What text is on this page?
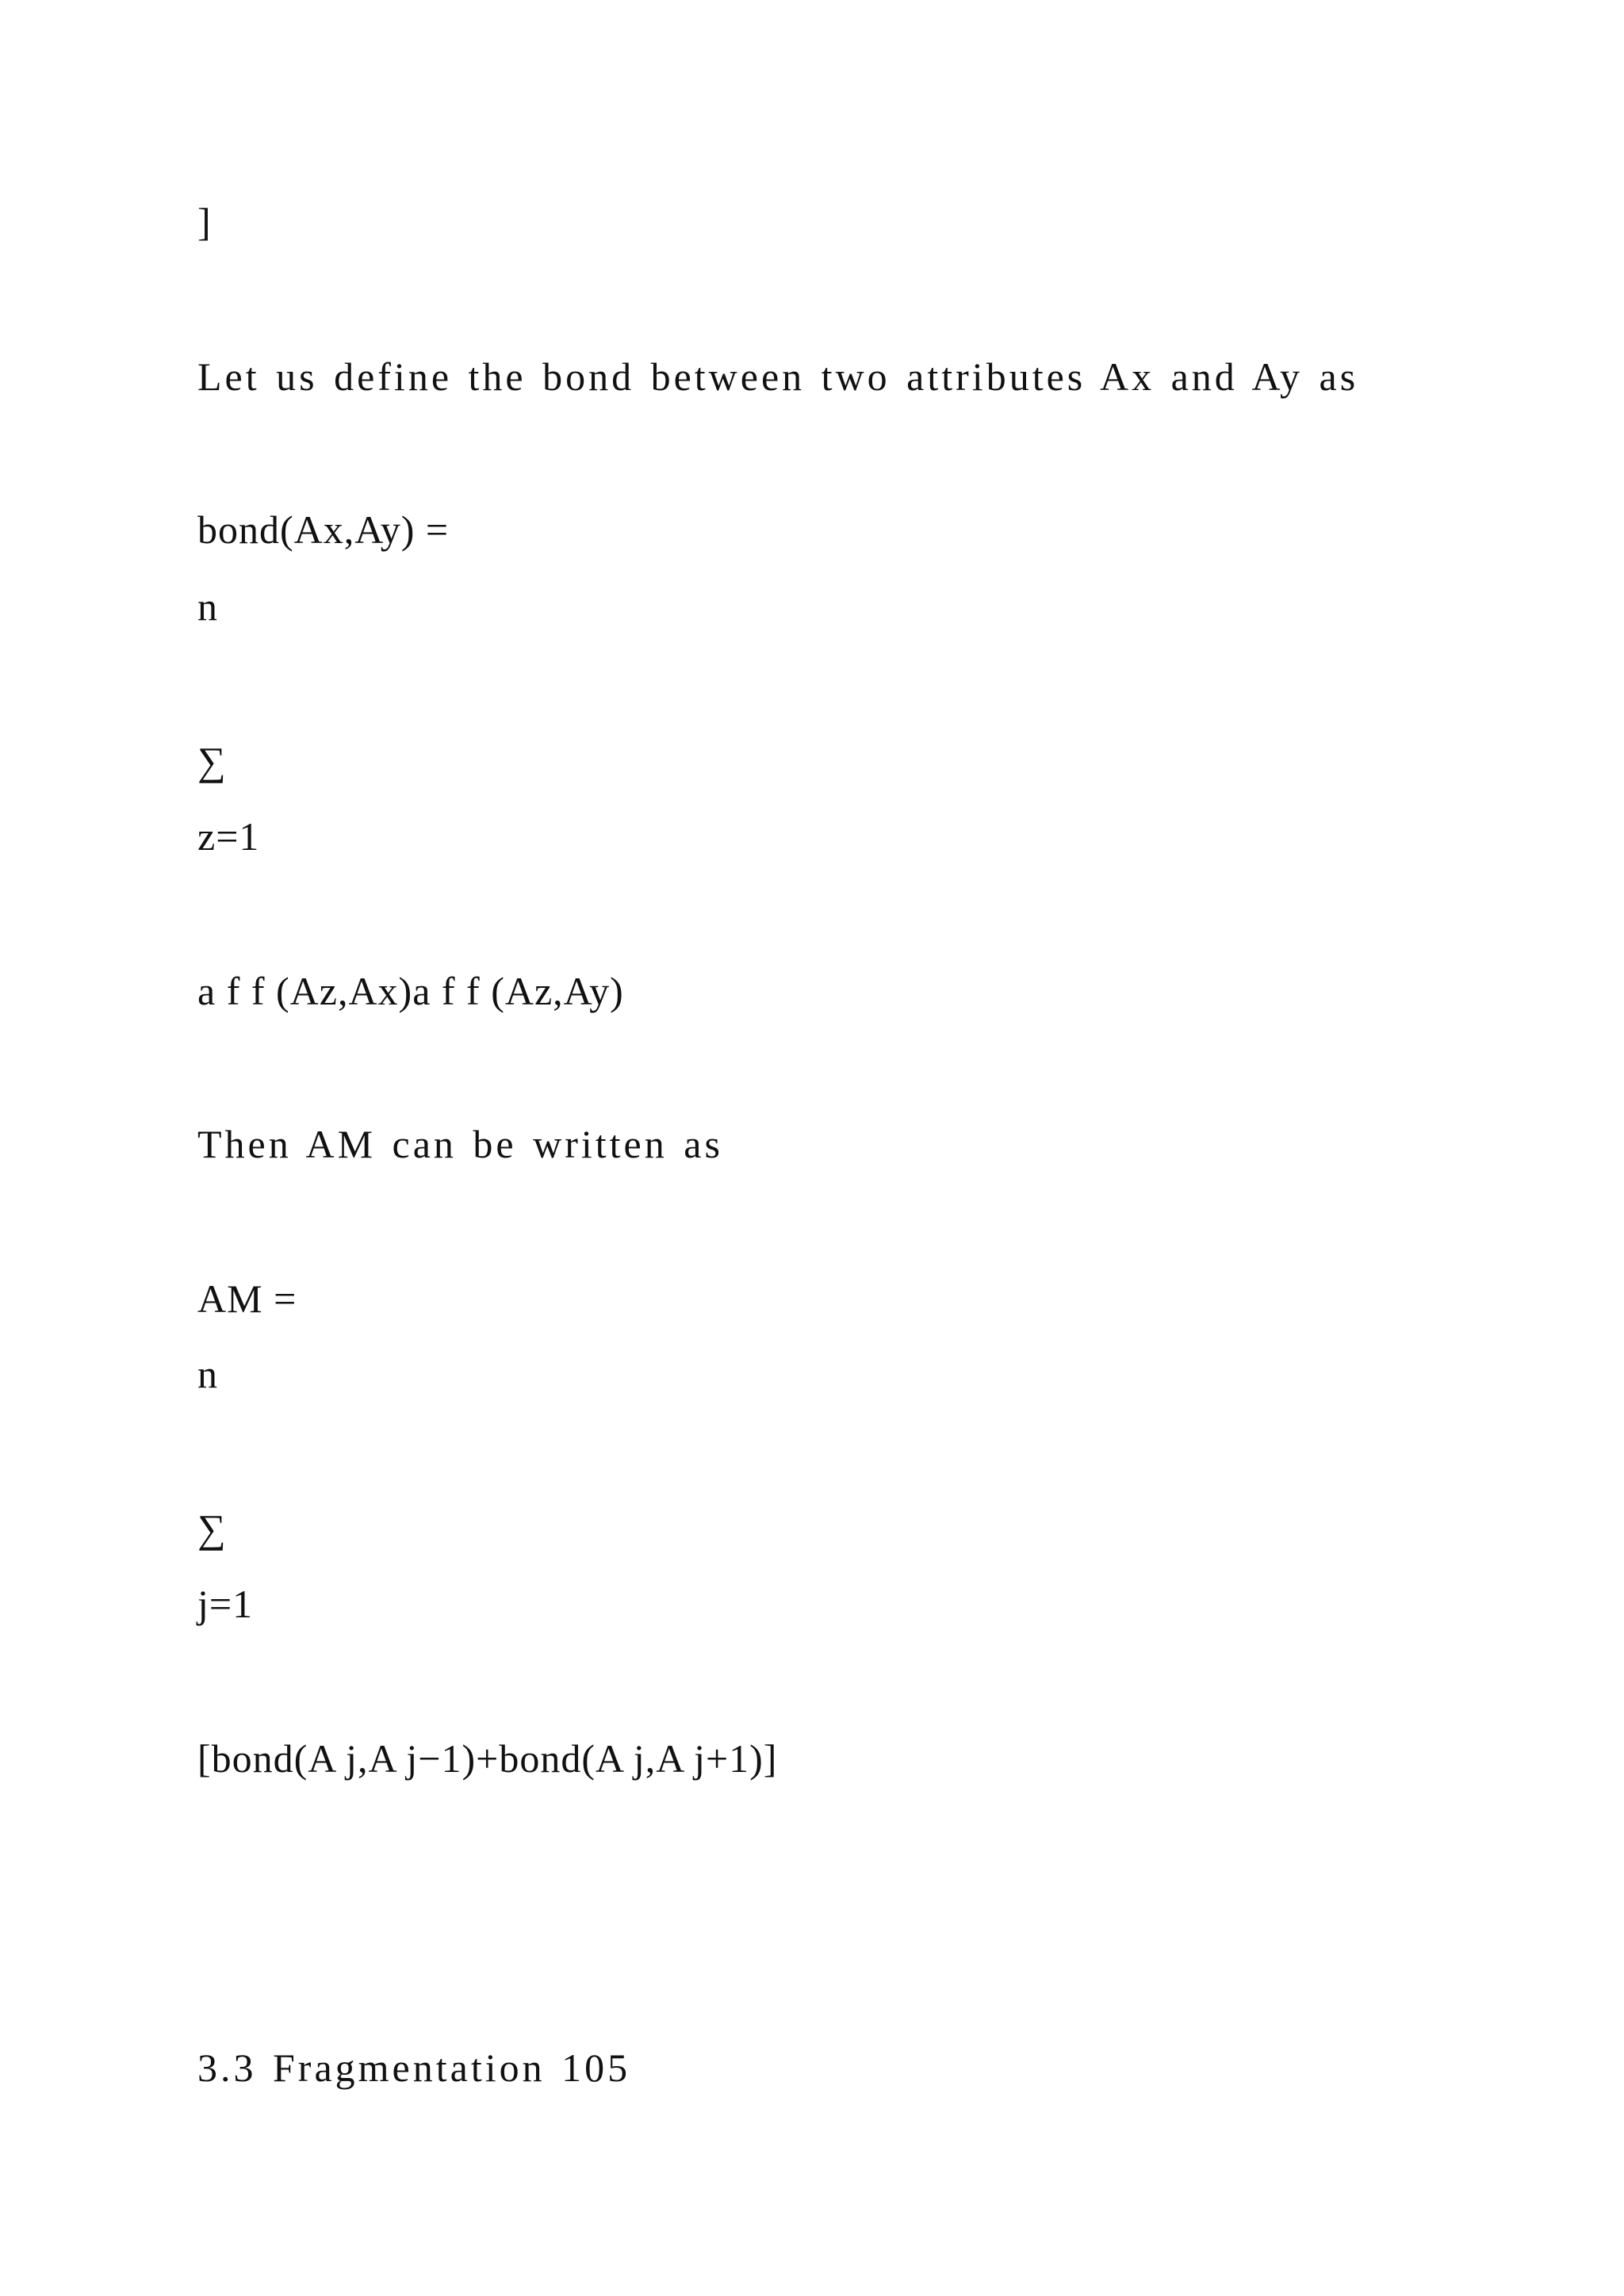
]
Let us define the bond between two attributes Ax and Ay as
bond(Ax,Ay) =
n
∑
z=1
a f f (Az,Ax)a f f (Az,Ay)
Then AM can be written as
AM =
n
∑
j=1
[bond(A j,A j−1)+bond(A j,A j+1)]
3.3 Fragmentation 105
